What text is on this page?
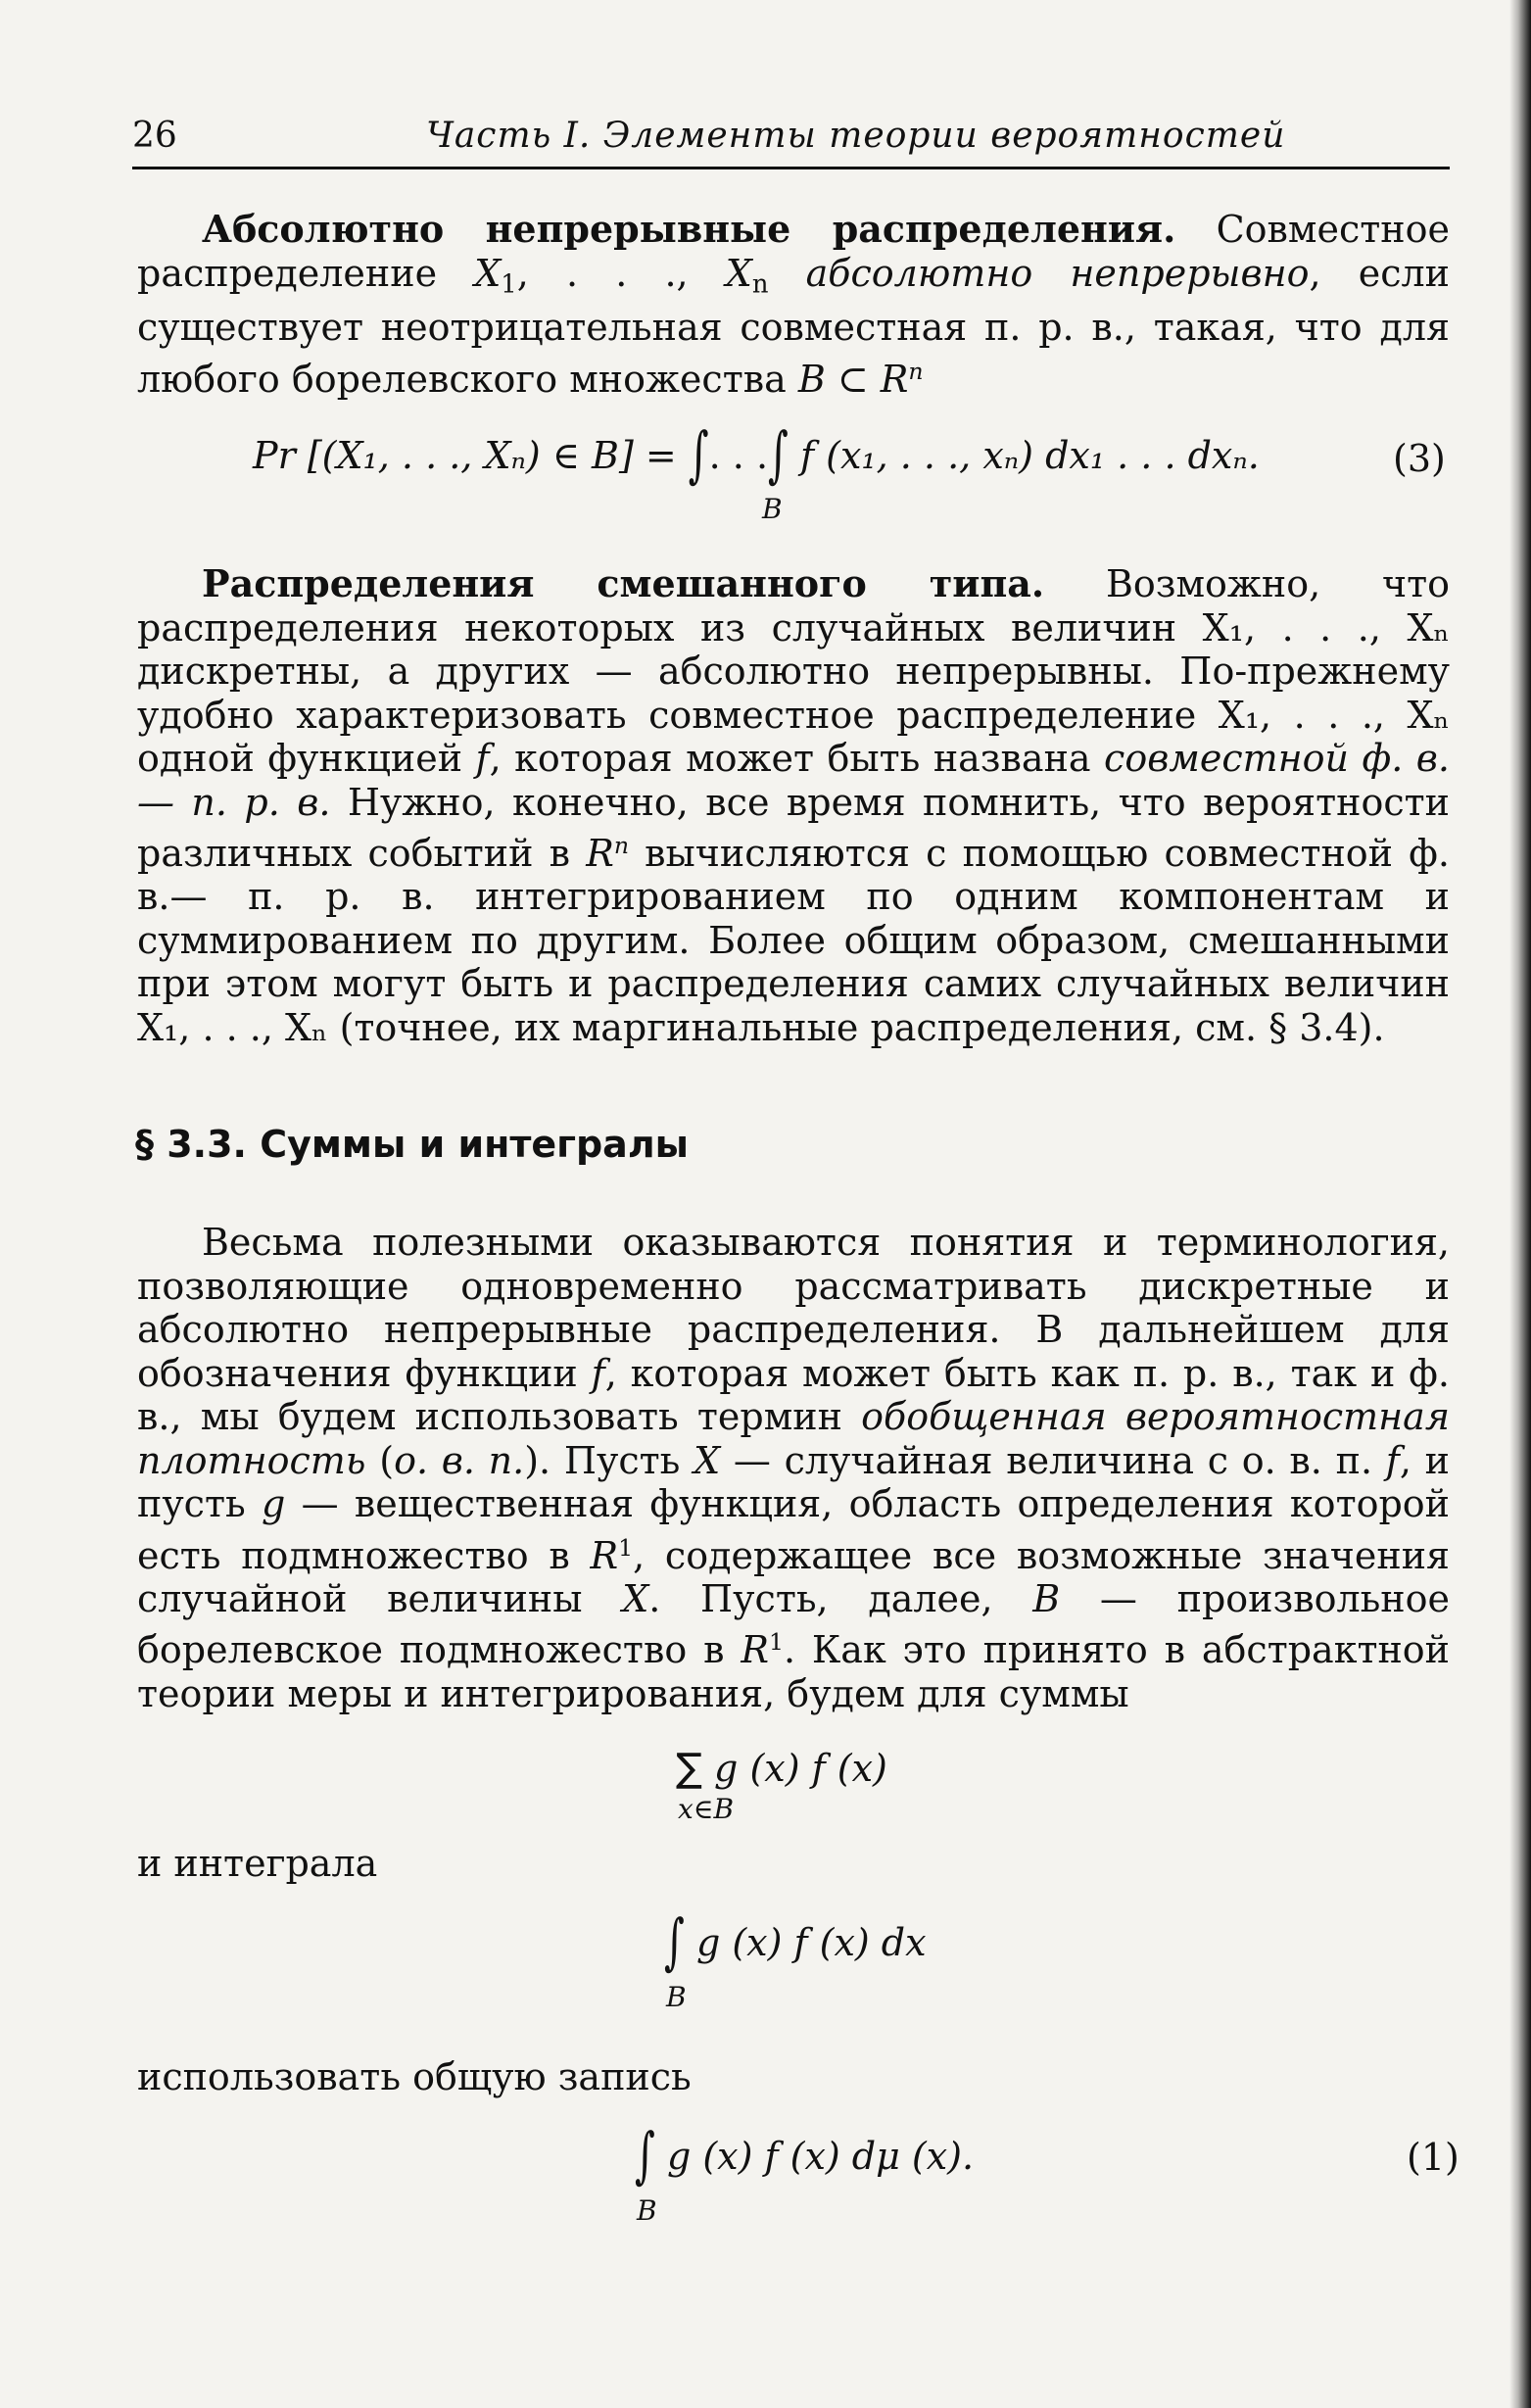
26	Часть I. Элементы теории вероятностей

Абсолютно непрерывные распределения. Совместное распределение $X_1$, . . ., $X_n$ абсолютно непрерывно, если существует неотрицательная совместная п. р. в., такая, что для любого борелевского множества B ⊂ $R^n$

Pr [(X₁, . . ., Xₙ) ∈ B] = ∫. . .∫ f (x₁, . . ., xₙ) dx₁ . . . dxₙ.
B
(3)

Распределения смешанного типа. Возможно, что распределения некоторых из случайных величин X₁, . . ., Xₙ дискретны, а других — абсолютно непрерывны. По-прежнему удобно характеризовать совместное распределение X₁, . . ., Xₙ одной функцией f, которая может быть названа совместной ф. в.— п. р. в. Нужно, конечно, все время помнить, что вероятности различных событий в $R^n$ вычисляются с помощью совместной ф. в.— п. р. в. интегрированием по одним компонентам и суммированием по другим. Более общим образом, смешанными при этом могут быть и распределения самих случайных величин X₁, . . ., Xₙ (точнее, их маргинальные распределения, см. § 3.4).

§ 3.3. Суммы и интегралы

Весьма полезными оказываются понятия и терминология, позволяющие одновременно рассматривать дискретные и абсолютно непрерывные распределения. В дальнейшем для обозначения функции f, которая может быть как п. р. в., так и ф. в., мы будем использовать термин обобщенная вероятностная плотность (о. в. п.). Пусть X — случайная величина с о. в. п. f, и пусть g — вещественная функция, область определения которой есть подмножество в $R^1$, содержащее все возможные значения случайной величины X. Пусть, далее, B — произвольное борелевское подмножество в $R^1$. Как это принято в абстрактной теории меры и интегрирования, будем для суммы

∑ g (x) f (x)
x∈B
и интеграла
∫ g (x) f (x) dx
B
использовать общую запись
∫ g (x) f (x) dμ (x).
B
(1)
